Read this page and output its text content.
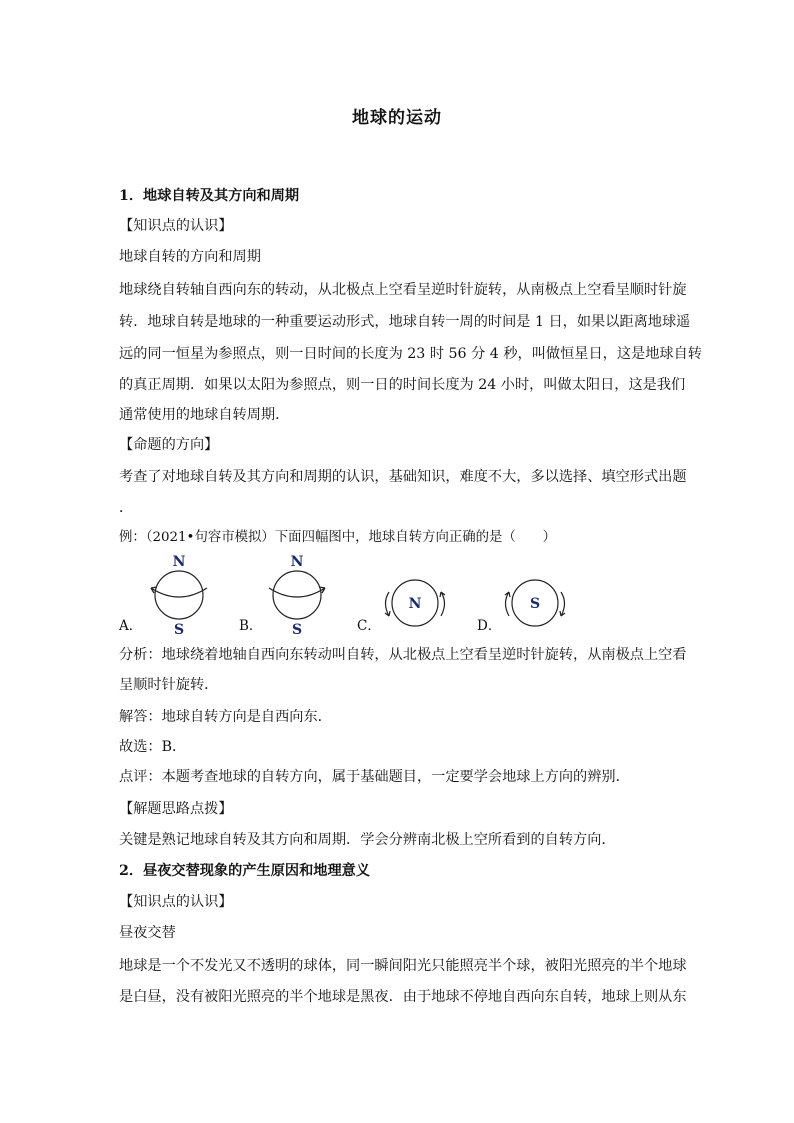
地球的运动
1．地球自转及其方向和周期
【知识点的认识】
地球自转的方向和周期
地球绕自转轴自西向东的转动，从北极点上空看呈逆时针旋转，从南极点上空看呈顺时针旋
转．地球自转是地球的一种重要运动形式，地球自转一周的时间是 1 日，如果以距离地球遥
远的同一恒星为参照点，则一日时间的长度为 23 时 56 分 4 秒，叫做恒星日，这是地球自转
的真正周期．如果以太阳为参照点，则一日的时间长度为 24 小时，叫做太阳日，这是我们
通常使用的地球自转周期．
【命题的方向】
考查了对地球自转及其方向和周期的认识，基础知识，难度不大，多以选择、填空形式出题
．
例：（2021•句容市模拟）下面四幅图中，地球自转方向正确的是（　　）
A．
N
S	B．
N
S	C．
N
D．
S
分析：地球绕着地轴自西向东转动叫自转，从北极点上空看呈逆时针旋转，从南极点上空看
呈顺时针旋转．
解答：地球自转方向是自西向东．
故选：B．
点评：本题考查地球的自转方向，属于基础题目，一定要学会地球上方向的辨别．
【解题思路点拨】
关键是熟记地球自转及其方向和周期．学会分辨南北极上空所看到的自转方向．
2．昼夜交替现象的产生原因和地理意义
【知识点的认识】
昼夜交替
地球是一个不发光又不透明的球体，同一瞬间阳光只能照亮半个球，被阳光照亮的半个地球
是白昼，没有被阳光照亮的半个地球是黑夜．由于地球不停地自西向东自转，地球上则从东
